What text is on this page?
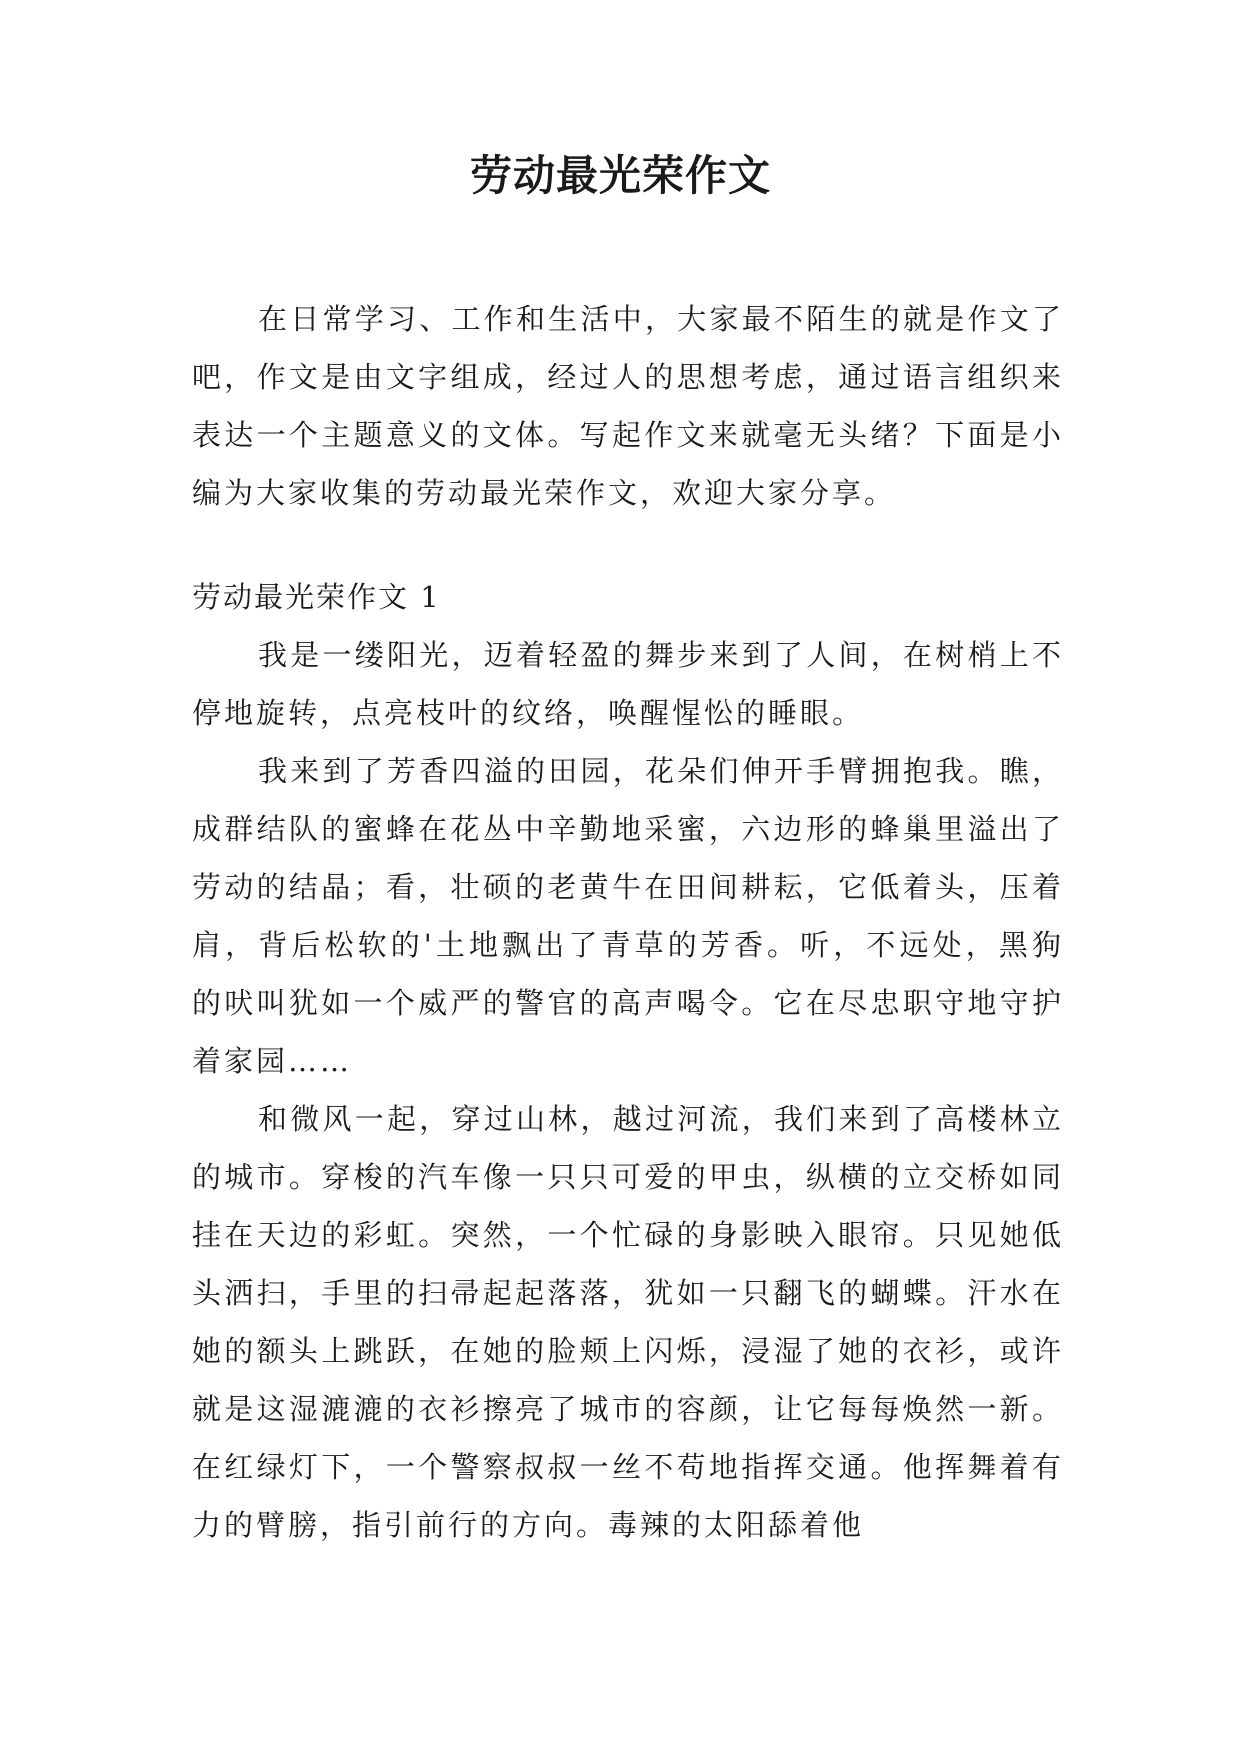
劳动最光荣作文

在日常学习、工作和生活中，大家最不陌生的就是作文了吧，作文是由文字组成，经过人的思想考虑，通过语言组织来表达一个主题意义的文体。写起作文来就毫无头绪？下面是小编为大家收集的劳动最光荣作文，欢迎大家分享。

劳动最光荣作文 1

我是一缕阳光，迈着轻盈的舞步来到了人间，在树梢上不停地旋转，点亮枝叶的纹络，唤醒惺忪的睡眼。

我来到了芳香四溢的田园，花朵们伸开手臂拥抱我。瞧，成群结队的蜜蜂在花丛中辛勤地采蜜，六边形的蜂巢里溢出了劳动的结晶；看，壮硕的老黄牛在田间耕耘，它低着头，压着肩，背后松软的'土地飘出了青草的芳香。听，不远处，黑狗的吠叫犹如一个威严的警官的高声喝令。它在尽忠职守地守护着家园……

和微风一起，穿过山林，越过河流，我们来到了高楼林立的城市。穿梭的汽车像一只只可爱的甲虫，纵横的立交桥如同挂在天边的彩虹。突然，一个忙碌的身影映入眼帘。只见她低头洒扫，手里的扫帚起起落落，犹如一只翻飞的蝴蝶。汗水在她的额头上跳跃，在她的脸颊上闪烁，浸湿了她的衣衫，或许就是这湿漉漉的衣衫擦亮了城市的容颜，让它每每焕然一新。在红绿灯下，一个警察叔叔一丝不苟地指挥交通。他挥舞着有力的臂膀，指引前行的方向。毒辣的太阳舔着他
